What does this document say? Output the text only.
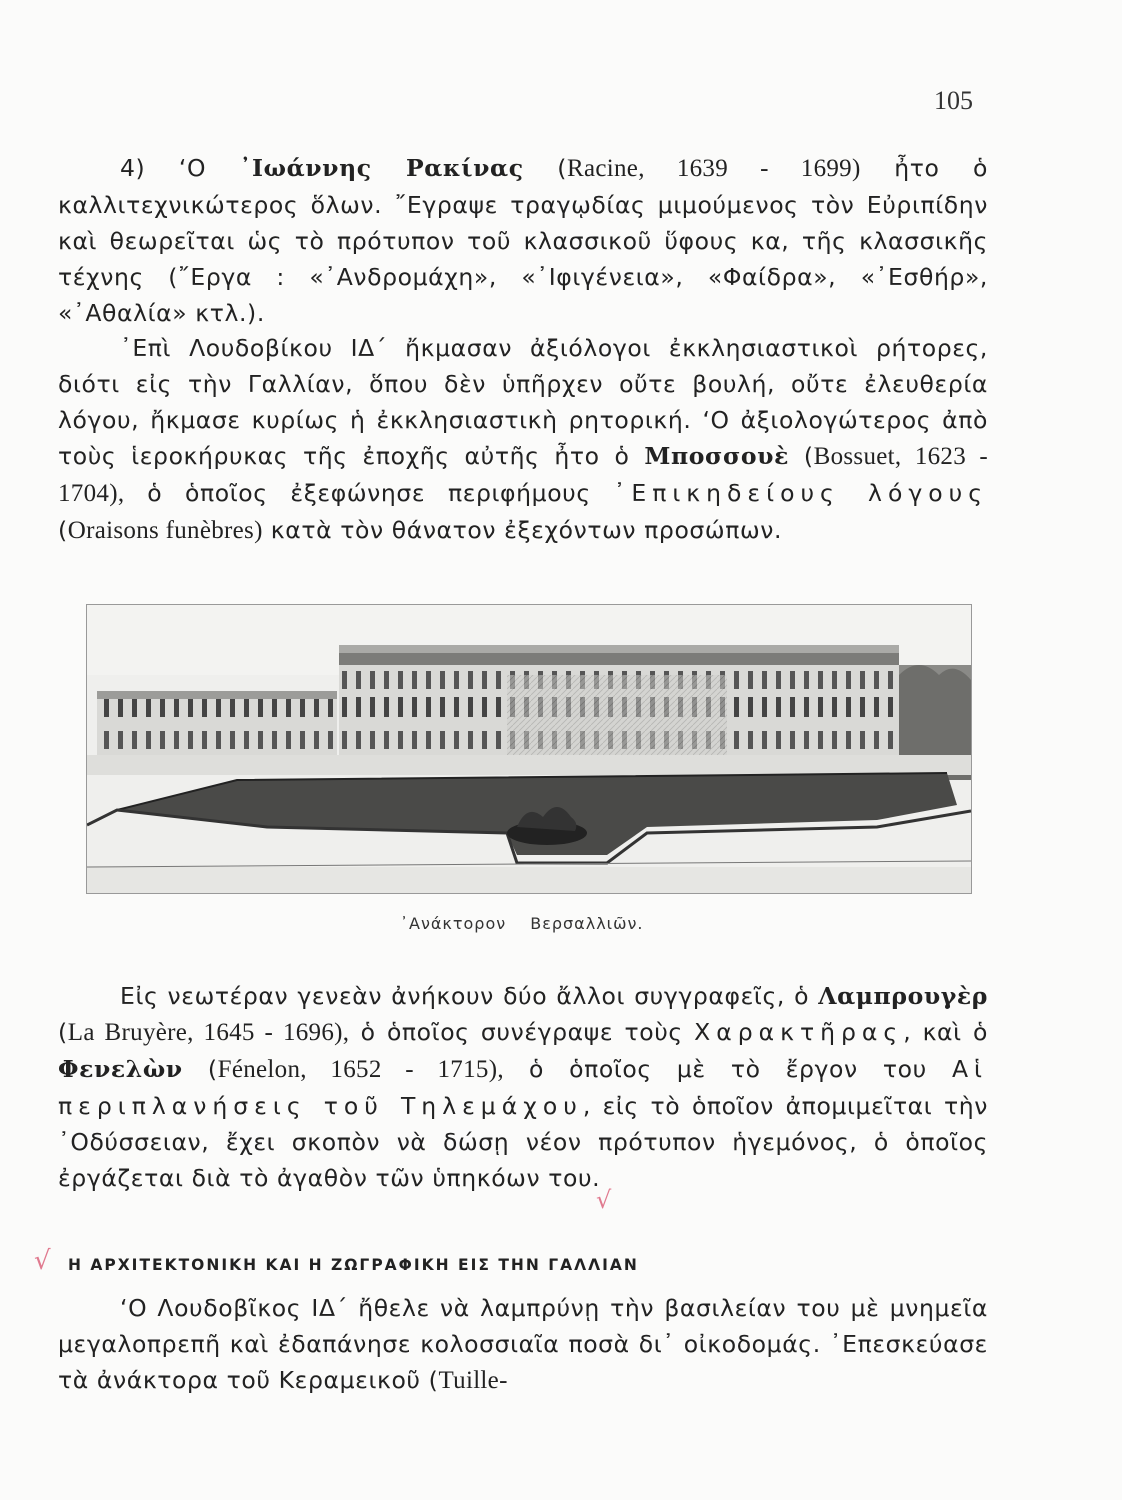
105
4) ‘Ο ᾿Ιωάννης Ρακίνας (Racine, 1639 - 1699) ἦτο ὁ καλλιτεχνικώτερος ὅλων. ῎Εγραψε τραγῳδίας μιμούμενος τὸν Εὐριπίδην καὶ θεωρεῖται ὡς τὸ πρότυπον τοῦ κλασσικοῦ ὕφους κα, τῆς κλασσικῆς τέχνης (῎Εργα : «᾿Ανδρομάχη», «᾿Ιφιγένεια», «Φαίδρα», «᾿Εσθήρ», «᾿Αθαλία» κτλ.).
᾿Επὶ Λουδοβίκου ΙΔ´ ἤκμασαν ἀξιόλογοι ἐκκλησιαστικοὶ ρήτορες, διότι εἰς τὴν Γαλλίαν, ὅπου δὲν ὑπῆρχεν οὔτε βουλή, οὔτε ἐλευθερία λόγου, ἤκμασε κυρίως ἡ ἐκκλησιαστικὴ ρητορική. ‘Ο ἀξιολογώτερος ἀπὸ τοὺς ἱεροκήρυκας τῆς ἐποχῆς αὐτῆς ἦτο ὁ Μποσσουὲ (Bossuet, 1623 - 1704), ὁ ὁποῖος ἐξεφώνησε περιφήμους ᾿Επικηδείους λόγους (Oraisons funèbres) κατὰ τὸν θάνατον ἐξεχόντων προσώπων.
᾿Ανάκτορον Βερσαλλιῶν.
Εἰς νεωτέραν γενεὰν ἀνήκουν δύο ἄλλοι συγγραφεῖς, ὁ Λαμπρουγὲρ (La Bruyère, 1645 - 1696), ὁ ὁποῖος συνέγραψε τοὺς Χαρακτῆρας, καὶ ὁ Φενελὼν (Fénelon, 1652 - 1715), ὁ ὁποῖος μὲ τὸ ἔργον του Αἱ περιπλανήσεις τοῦ Τηλεμάχου, εἰς τὸ ὁποῖον ἀπομιμεῖται τὴν ᾿Οδύσσειαν, ἔχει σκοπὸν νὰ δώσῃ νέον πρότυπον ἡγεμόνος, ὁ ὁποῖος ἐργάζεται διὰ τὸ ἀγαθὸν τῶν ὑπηκόων του.
√
√ Η ΑΡΧΙΤΕΚΤΟΝΙΚΗ ΚΑΙ Η ΖΩΓΡΑΦΙΚΗ ΕΙΣ ΤΗΝ ΓΑΛΛΙΑΝ
‘Ο Λουδοβῖκος ΙΔ´ ἤθελε νὰ λαμπρύνῃ τὴν βασιλείαν του μὲ μνημεῖα μεγαλοπρεπῆ καὶ ἐδαπάνησε κολοσσιαῖα ποσὰ δι᾿ οἰκοδομάς. ᾿Επεσκεύασε τὰ ἀνάκτορα τοῦ Κεραμεικοῦ (Tuille-
